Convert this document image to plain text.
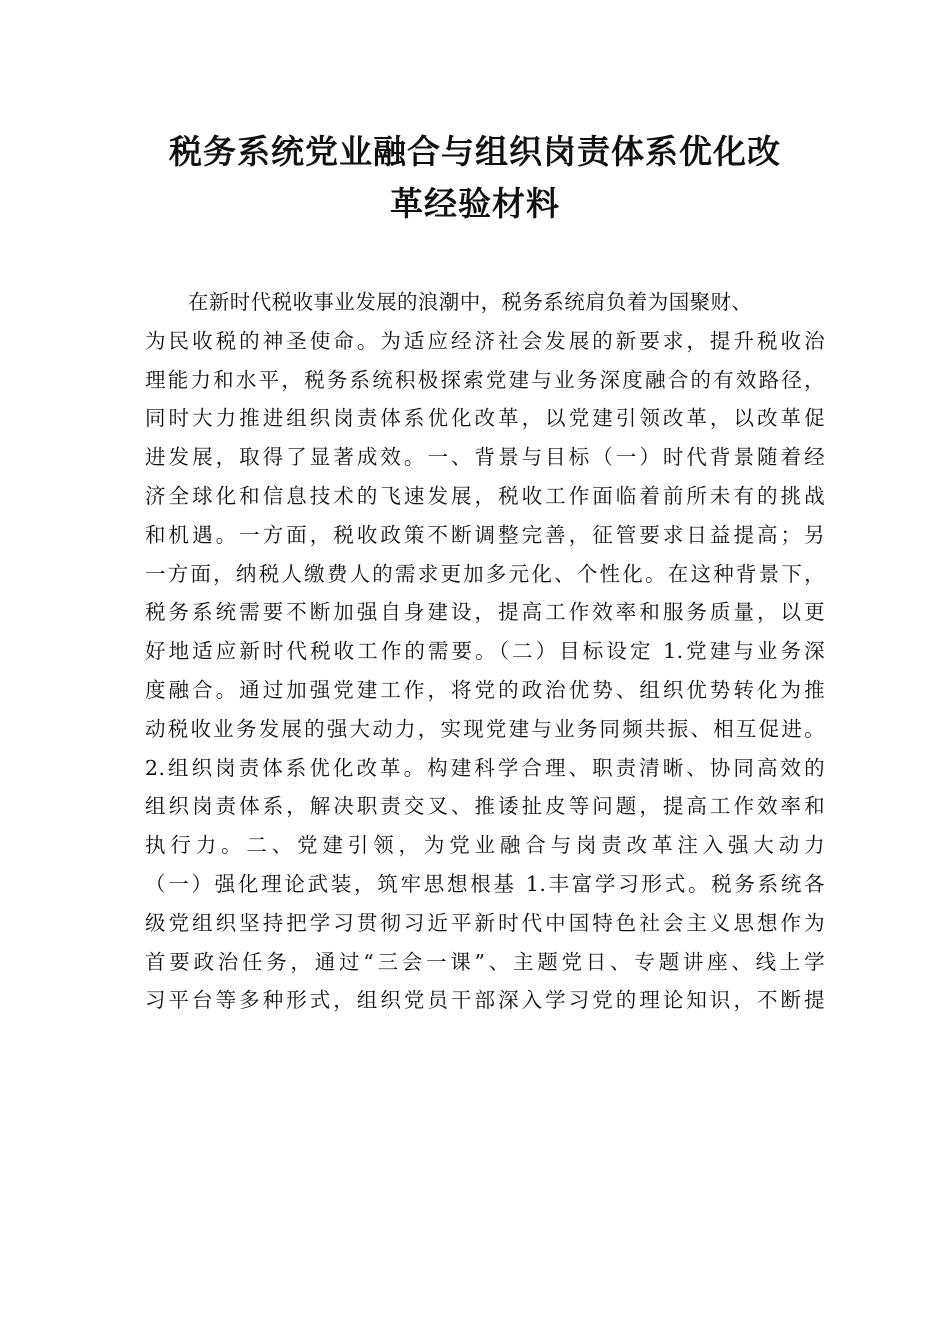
税务系统党业融合与组织岗责体系优化改
革经验材料
在新时代税收事业发展的浪潮中，税务系统肩负着为国聚财、
为民收税的神圣使命。为适应经济社会发展的新要求，提升税收治
理能力和水平，税务系统积极探索党建与业务深度融合的有效路径，
同时大力推进组织岗责体系优化改革，以党建引领改革，以改革促
进发展，取得了显著成效。一、背景与目标（一）时代背景随着经
济全球化和信息技术的飞速发展，税收工作面临着前所未有的挑战
和机遇。一方面，税收政策不断调整完善，征管要求日益提高；另
一方面，纳税人缴费人的需求更加多元化、个性化。在这种背景下，
税务系统需要不断加强自身建设，提高工作效率和服务质量，以更
好地适应新时代税收工作的需要。（二）目标设定 1.党建与业务深
度融合。通过加强党建工作，将党的政治优势、组织优势转化为推
动税收业务发展的强大动力，实现党建与业务同频共振、相互促进。
2.组织岗责体系优化改革。构建科学合理、职责清晰、协同高效的
组织岗责体系，解决职责交叉、推诿扯皮等问题，提高工作效率和
执行力。二、党建引领，为党业融合与岗责改革注入强大动力
（一）强化理论武装，筑牢思想根基 1.丰富学习形式。税务系统各
级党组织坚持把学习贯彻习近平新时代中国特色社会主义思想作为
首要政治任务，通过“三会一课”、主题党日、专题讲座、线上学
习平台等多种形式，组织党员干部深入学习党的理论知识，不断提
